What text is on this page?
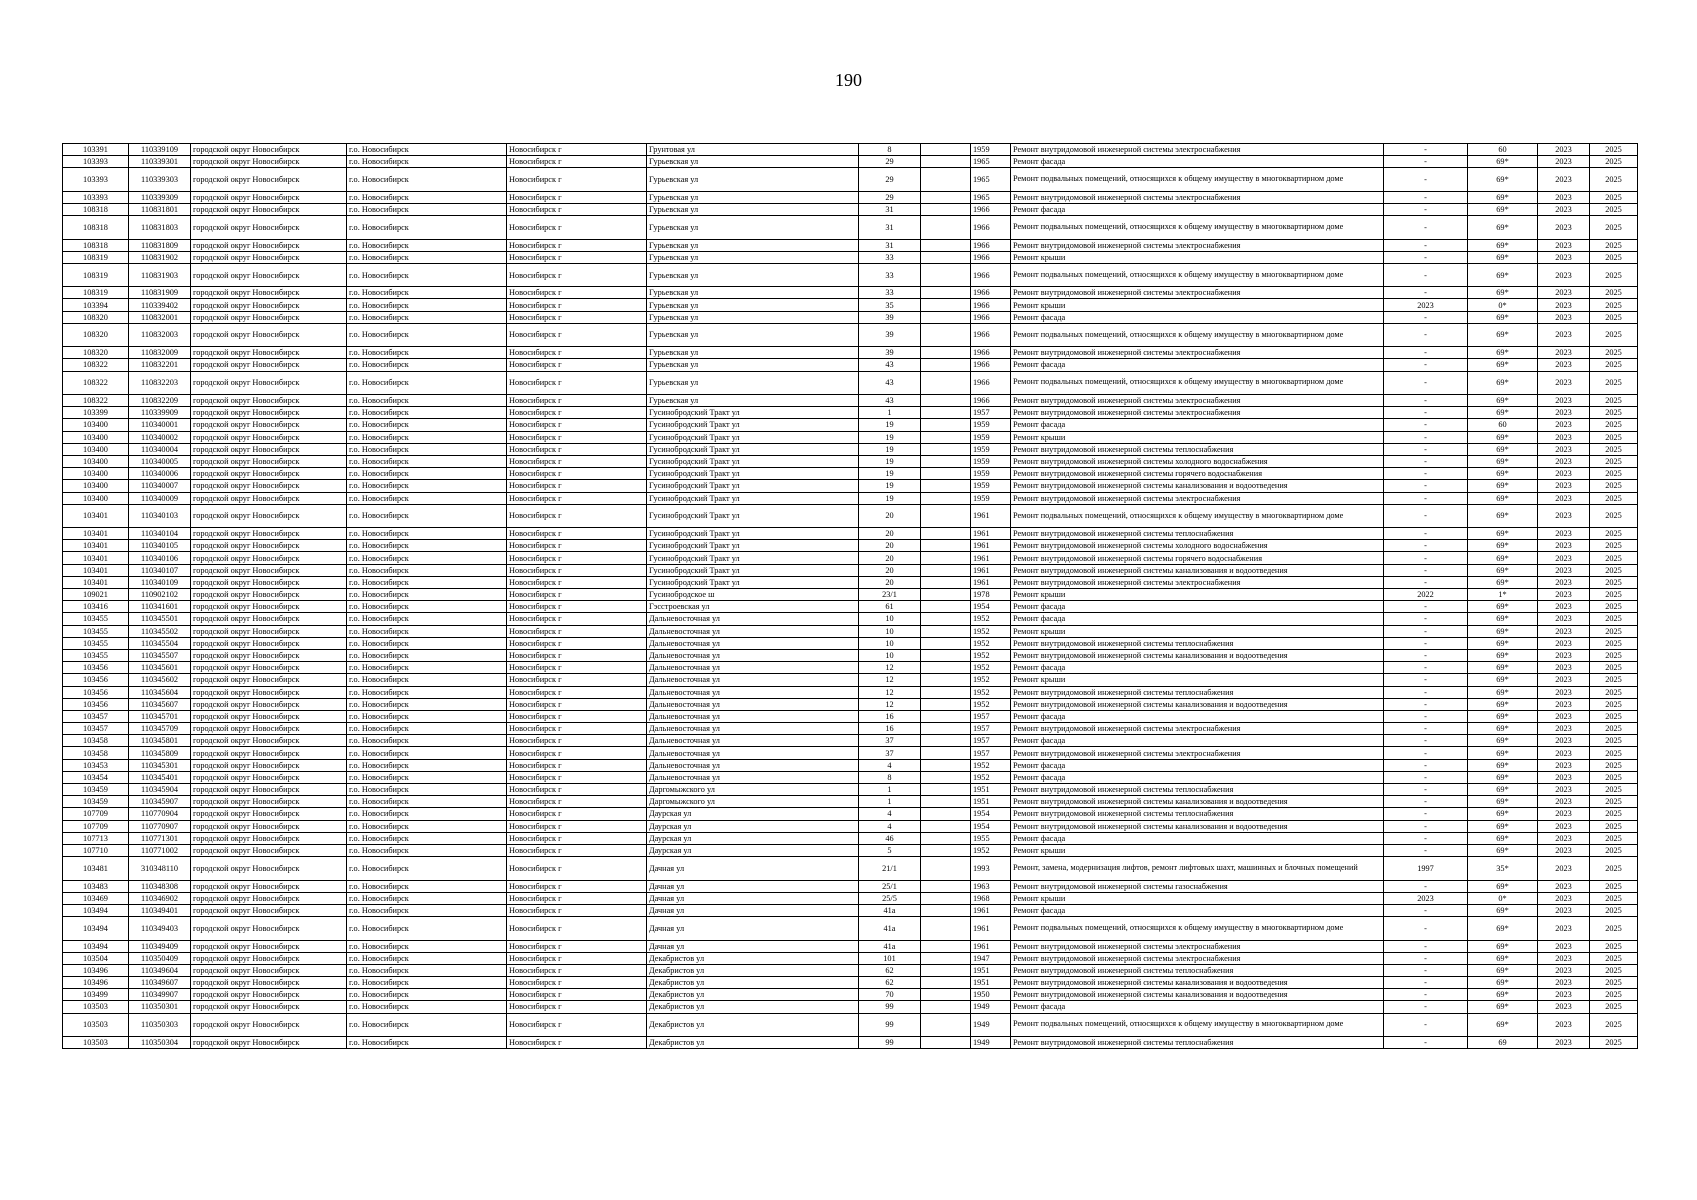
190
103391	110339109	городской округ Новосибирск	г.о. Новосибирск	Новосибирск г	Грунтовая ул	8		1959	Ремонт внутридомовой инженерной системы электроснабжения	-	60	2023	2025
103393	110339301	городской округ Новосибирск	г.о. Новосибирск	Новосибирск г	Гурьевская ул	29		1965	Ремонт фасада	-	69*	2023	2025
103393	110339303	городской округ Новосибирск	г.о. Новосибирск	Новосибирск г	Гурьевская ул	29		1965	Ремонт подвальных помещений, относящихся к общему имуществу в многоквартирном доме	-	69*	2023	2025
103393	110339309	городской округ Новосибирск	г.о. Новосибирск	Новосибирск г	Гурьевская ул	29		1965	Ремонт внутридомовой инженерной системы электроснабжения	-	69*	2023	2025
108318	110831801	городской округ Новосибирск	г.о. Новосибирск	Новосибирск г	Гурьевская ул	31		1966	Ремонт фасада	-	69*	2023	2025
108318	110831803	городской округ Новосибирск	г.о. Новосибирск	Новосибирск г	Гурьевская ул	31		1966	Ремонт подвальных помещений, относящихся к общему имуществу в многоквартирном доме	-	69*	2023	2025
108318	110831809	городской округ Новосибирск	г.о. Новосибирск	Новосибирск г	Гурьевская ул	31		1966	Ремонт внутридомовой инженерной системы электроснабжения	-	69*	2023	2025
108319	110831902	городской округ Новосибирск	г.о. Новосибирск	Новосибирск г	Гурьевская ул	33		1966	Ремонт крыши	-	69*	2023	2025
108319	110831903	городской округ Новосибирск	г.о. Новосибирск	Новосибирск г	Гурьевская ул	33		1966	Ремонт подвальных помещений, относящихся к общему имуществу в многоквартирном доме	-	69*	2023	2025
108319	110831909	городской округ Новосибирск	г.о. Новосибирск	Новосибирск г	Гурьевская ул	33		1966	Ремонт внутридомовой инженерной системы электроснабжения	-	69*	2023	2025
103394	110339402	городской округ Новосибирск	г.о. Новосибирск	Новосибирск г	Гурьевская ул	35		1966	Ремонт крыши	2023	0*	2023	2025
108320	110832001	городской округ Новосибирск	г.о. Новосибирск	Новосибирск г	Гурьевская ул	39		1966	Ремонт фасада	-	69*	2023	2025
108320	110832003	городской округ Новосибирск	г.о. Новосибирск	Новосибирск г	Гурьевская ул	39		1966	Ремонт подвальных помещений, относящихся к общему имуществу в многоквартирном доме	-	69*	2023	2025
108320	110832009	городской округ Новосибирск	г.о. Новосибирск	Новосибирск г	Гурьевская ул	39		1966	Ремонт внутридомовой инженерной системы электроснабжения	-	69*	2023	2025
108322	110832201	городской округ Новосибирск	г.о. Новосибирск	Новосибирск г	Гурьевская ул	43		1966	Ремонт фасада	-	69*	2023	2025
108322	110832203	городской округ Новосибирск	г.о. Новосибирск	Новосибирск г	Гурьевская ул	43		1966	Ремонт подвальных помещений, относящихся к общему имуществу в многоквартирном доме	-	69*	2023	2025
108322	110832209	городской округ Новосибирск	г.о. Новосибирск	Новосибирск г	Гурьевская ул	43		1966	Ремонт внутридомовой инженерной системы электроснабжения	-	69*	2023	2025
103399	110339909	городской округ Новосибирск	г.о. Новосибирск	Новосибирск г	Гусинобродский Тракт ул	1		1957	Ремонт внутридомовой инженерной системы электроснабжения	-	69*	2023	2025
103400	110340001	городской округ Новосибирск	г.о. Новосибирск	Новосибирск г	Гусинобродский Тракт ул	19		1959	Ремонт фасада	-	60	2023	2025
103400	110340002	городской округ Новосибирск	г.о. Новосибирск	Новосибирск г	Гусинобродский Тракт ул	19		1959	Ремонт крыши	-	69*	2023	2025
103400	110340004	городской округ Новосибирск	г.о. Новосибирск	Новосибирск г	Гусинобродский Тракт ул	19		1959	Ремонт внутридомовой инженерной системы теплоснабжения	-	69*	2023	2025
103400	110340005	городской округ Новосибирск	г.о. Новосибирск	Новосибирск г	Гусинобродский Тракт ул	19		1959	Ремонт внутридомовой инженерной системы холодного водоснабжения	-	69*	2023	2025
103400	110340006	городской округ Новосибирск	г.о. Новосибирск	Новосибирск г	Гусинобродский Тракт ул	19		1959	Ремонт внутридомовой инженерной системы горячего водоснабжения	-	69*	2023	2025
103400	110340007	городской округ Новосибирск	г.о. Новосибирск	Новосибирск г	Гусинобродский Тракт ул	19		1959	Ремонт внутридомовой инженерной системы канализования и водоотведения	-	69*	2023	2025
103400	110340009	городской округ Новосибирск	г.о. Новосибирск	Новосибирск г	Гусинобродский Тракт ул	19		1959	Ремонт внутридомовой инженерной системы электроснабжения	-	69*	2023	2025
103401	110340103	городской округ Новосибирск	г.о. Новосибирск	Новосибирск г	Гусинобродский Тракт ул	20		1961	Ремонт подвальных помещений, относящихся к общему имуществу в многоквартирном доме	-	69*	2023	2025
103401	110340104	городской округ Новосибирск	г.о. Новосибирск	Новосибирск г	Гусинобродский Тракт ул	20		1961	Ремонт внутридомовой инженерной системы теплоснабжения	-	69*	2023	2025
103401	110340105	городской округ Новосибирск	г.о. Новосибирск	Новосибирск г	Гусинобродский Тракт ул	20		1961	Ремонт внутридомовой инженерной системы холодного водоснабжения	-	69*	2023	2025
103401	110340106	городской округ Новосибирск	г.о. Новосибирск	Новосибирск г	Гусинобродский Тракт ул	20		1961	Ремонт внутридомовой инженерной системы горячего водоснабжения	-	69*	2023	2025
103401	110340107	городской округ Новосибирск	г.о. Новосибирск	Новосибирск г	Гусинобродский Тракт ул	20		1961	Ремонт внутридомовой инженерной системы канализования и водоотведения	-	69*	2023	2025
103401	110340109	городской округ Новосибирск	г.о. Новосибирск	Новосибирск г	Гусинобродский Тракт ул	20		1961	Ремонт внутридомовой инженерной системы электроснабжения	-	69*	2023	2025
109021	110902102	городской округ Новосибирск	г.о. Новосибирск	Новосибирск г	Гусинобродское ш	23/1		1978	Ремонт крыши	2022	1*	2023	2025
103416	110341601	городской округ Новосибирск	г.о. Новосибирск	Новосибирск г	Гэсстроевская ул	61		1954	Ремонт фасада	-	69*	2023	2025
103455	110345501	городской округ Новосибирск	г.о. Новосибирск	Новосибирск г	Дальневосточная ул	10		1952	Ремонт фасада	-	69*	2023	2025
103455	110345502	городской округ Новосибирск	г.о. Новосибирск	Новосибирск г	Дальневосточная ул	10		1952	Ремонт крыши	-	69*	2023	2025
103455	110345504	городской округ Новосибирск	г.о. Новосибирск	Новосибирск г	Дальневосточная ул	10		1952	Ремонт внутридомовой инженерной системы теплоснабжения	-	69*	2023	2025
103455	110345507	городской округ Новосибирск	г.о. Новосибирск	Новосибирск г	Дальневосточная ул	10		1952	Ремонт внутридомовой инженерной системы канализования и водоотведения	-	69*	2023	2025
103456	110345601	городской округ Новосибирск	г.о. Новосибирск	Новосибирск г	Дальневосточная ул	12		1952	Ремонт фасада	-	69*	2023	2025
103456	110345602	городской округ Новосибирск	г.о. Новосибирск	Новосибирск г	Дальневосточная ул	12		1952	Ремонт крыши	-	69*	2023	2025
103456	110345604	городской округ Новосибирск	г.о. Новосибирск	Новосибирск г	Дальневосточная ул	12		1952	Ремонт внутридомовой инженерной системы теплоснабжения	-	69*	2023	2025
103456	110345607	городской округ Новосибирск	г.о. Новосибирск	Новосибирск г	Дальневосточная ул	12		1952	Ремонт внутридомовой инженерной системы канализования и водоотведения	-	69*	2023	2025
103457	110345701	городской округ Новосибирск	г.о. Новосибирск	Новосибирск г	Дальневосточная ул	16		1957	Ремонт фасада	-	69*	2023	2025
103457	110345709	городской округ Новосибирск	г.о. Новосибирск	Новосибирск г	Дальневосточная ул	16		1957	Ремонт внутридомовой инженерной системы электроснабжения	-	69*	2023	2025
103458	110345801	городской округ Новосибирск	г.о. Новосибирск	Новосибирск г	Дальневосточная ул	37		1957	Ремонт фасада	-	69*	2023	2025
103458	110345809	городской округ Новосибирск	г.о. Новосибирск	Новосибирск г	Дальневосточная ул	37		1957	Ремонт внутридомовой инженерной системы электроснабжения	-	69*	2023	2025
103453	110345301	городской округ Новосибирск	г.о. Новосибирск	Новосибирск г	Дальневосточная ул	4		1952	Ремонт фасада	-	69*	2023	2025
103454	110345401	городской округ Новосибирск	г.о. Новосибирск	Новосибирск г	Дальневосточная ул	8		1952	Ремонт фасада	-	69*	2023	2025
103459	110345904	городской округ Новосибирск	г.о. Новосибирск	Новосибирск г	Даргомыжского ул	1		1951	Ремонт внутридомовой инженерной системы теплоснабжения	-	69*	2023	2025
103459	110345907	городской округ Новосибирск	г.о. Новосибирск	Новосибирск г	Даргомыжского ул	1		1951	Ремонт внутридомовой инженерной системы канализования и водоотведения	-	69*	2023	2025
107709	110770904	городской округ Новосибирск	г.о. Новосибирск	Новосибирск г	Даурская ул	4		1954	Ремонт внутридомовой инженерной системы теплоснабжения	-	69*	2023	2025
107709	110770907	городской округ Новосибирск	г.о. Новосибирск	Новосибирск г	Даурская ул	4		1954	Ремонт внутридомовой инженерной системы канализования и водоотведения	-	69*	2023	2025
107713	110771301	городской округ Новосибирск	г.о. Новосибирск	Новосибирск г	Даурская ул	46		1955	Ремонт фасада	-	69*	2023	2025
107710	110771002	городской округ Новосибирск	г.о. Новосибирск	Новосибирск г	Даурская ул	5		1952	Ремонт крыши	-	69*	2023	2025
103481	310348110	городской округ Новосибирск	г.о. Новосибирск	Новосибирск г	Дачная ул	21/1		1993	Ремонт, замена, модернизация лифтов, ремонт лифтовых шахт, машинных и блочных помещений	1997	35*	2023	2025
103483	110348308	городской округ Новосибирск	г.о. Новосибирск	Новосибирск г	Дачная ул	25/1		1963	Ремонт внутридомовой инженерной системы газоснабжения	-	69*	2023	2025
103469	110346902	городской округ Новосибирск	г.о. Новосибирск	Новосибирск г	Дачная ул	25/5		1968	Ремонт крыши	2023	0*	2023	2025
103494	110349401	городской округ Новосибирск	г.о. Новосибирск	Новосибирск г	Дачная ул	41а		1961	Ремонт фасада	-	69*	2023	2025
103494	110349403	городской округ Новосибирск	г.о. Новосибирск	Новосибирск г	Дачная ул	41а		1961	Ремонт подвальных помещений, относящихся к общему имуществу в многоквартирном доме	-	69*	2023	2025
103494	110349409	городской округ Новосибирск	г.о. Новосибирск	Новосибирск г	Дачная ул	41а		1961	Ремонт внутридомовой инженерной системы электроснабжения	-	69*	2023	2025
103504	110350409	городской округ Новосибирск	г.о. Новосибирск	Новосибирск г	Декабристов ул	101		1947	Ремонт внутридомовой инженерной системы электроснабжения	-	69*	2023	2025
103496	110349604	городской округ Новосибирск	г.о. Новосибирск	Новосибирск г	Декабристов ул	62		1951	Ремонт внутридомовой инженерной системы теплоснабжения	-	69*	2023	2025
103496	110349607	городской округ Новосибирск	г.о. Новосибирск	Новосибирск г	Декабристов ул	62		1951	Ремонт внутридомовой инженерной системы канализования и водоотведения	-	69*	2023	2025
103499	110349907	городской округ Новосибирск	г.о. Новосибирск	Новосибирск г	Декабристов ул	70		1950	Ремонт внутридомовой инженерной системы канализования и водоотведения	-	69*	2023	2025
103503	110350301	городской округ Новосибирск	г.о. Новосибирск	Новосибирск г	Декабристов ул	99		1949	Ремонт фасада	-	69*	2023	2025
103503	110350303	городской округ Новосибирск	г.о. Новосибирск	Новосибирск г	Декабристов ул	99		1949	Ремонт подвальных помещений, относящихся к общему имуществу в многоквартирном доме	-	69*	2023	2025
103503	110350304	городской округ Новосибирск	г.о. Новосибирск	Новосибирск г	Декабристов ул	99		1949	Ремонт внутридомовой инженерной системы теплоснабжения	-	69	2023	2025
